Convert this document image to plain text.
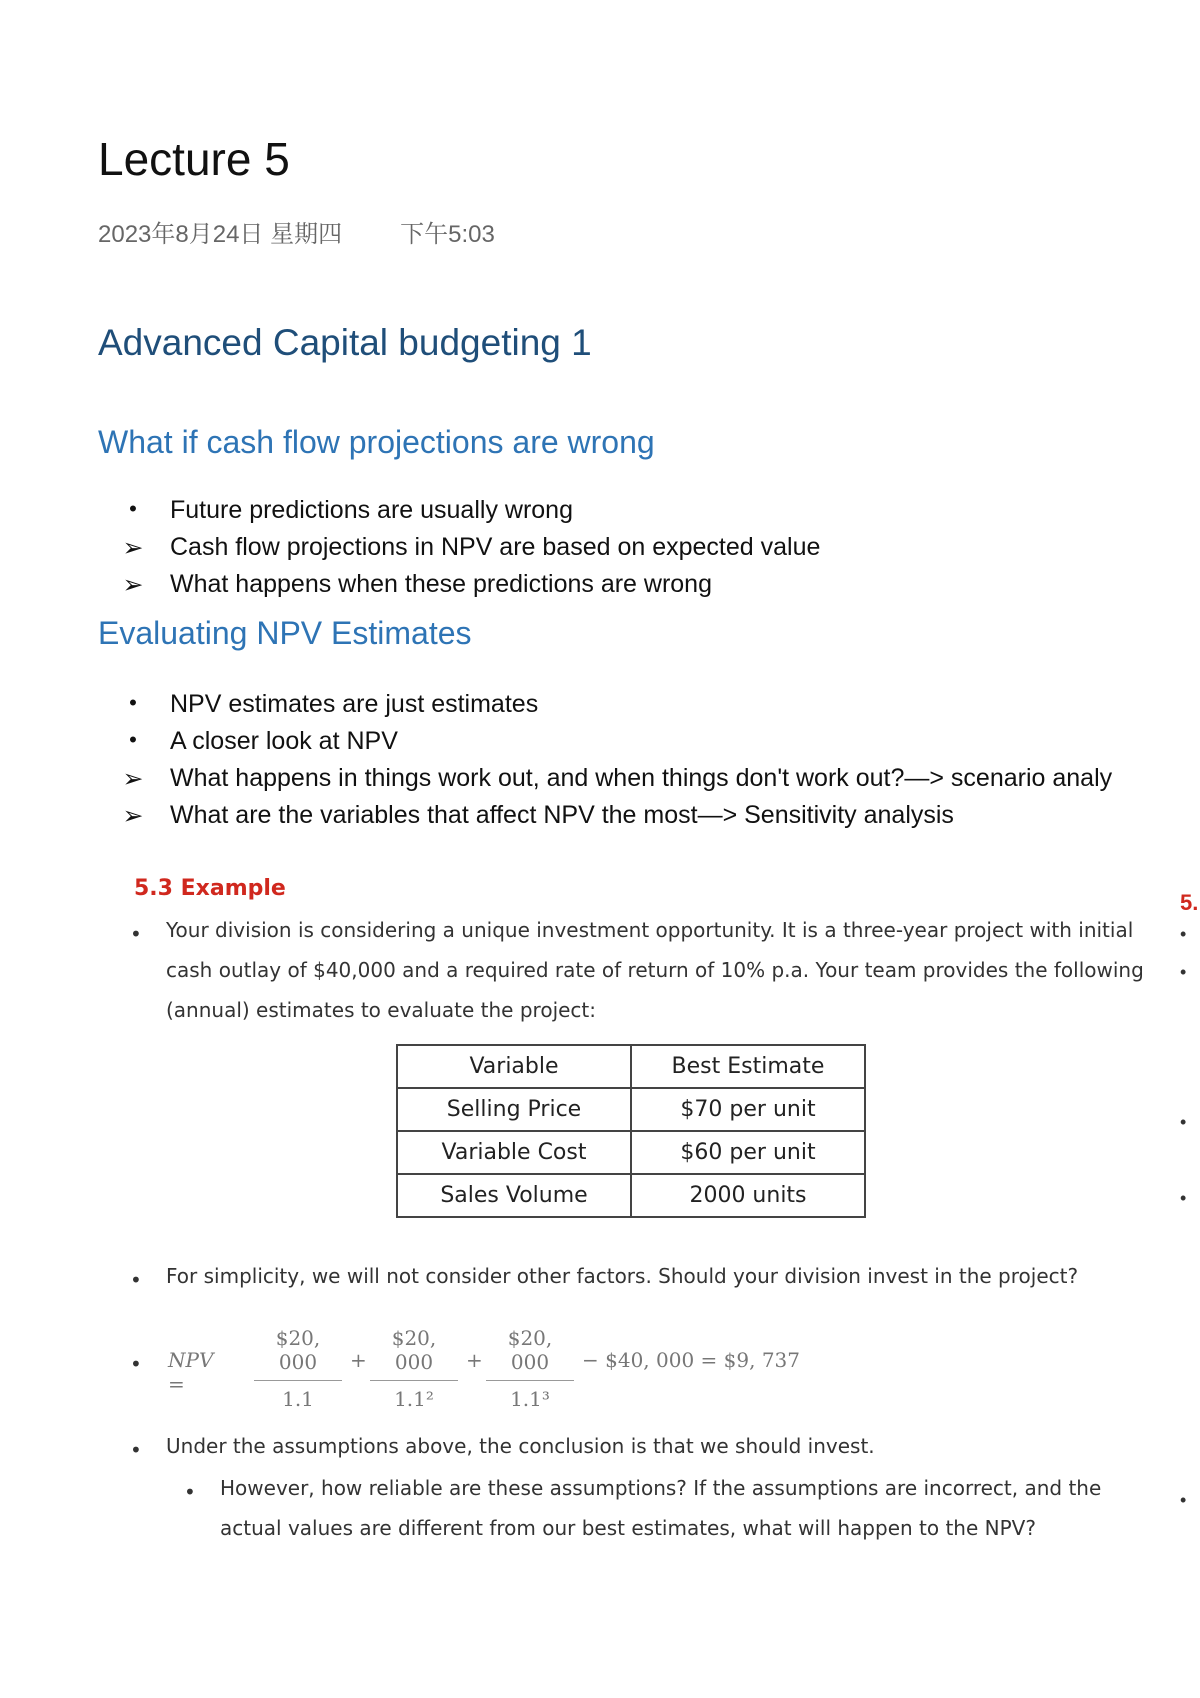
Lecture 5
2023年8月24日 星期四 下午5:03
Advanced Capital budgeting 1
What if cash flow projections are wrong
•	Future predictions are usually wrong
➢ Cash flow projections in NPV are based on expected value
➢ What happens when these predictions are wrong
Evaluating NPV Estimates
•	NPV estimates are just estimates
•	A closer look at NPV
➢ What happens in things work out, and when things don't work out?—> scenario analy
➢ What are the variables that affect NPV the most—> Sensitivity analysis
5.3 Example
• Your division is considering a unique investment opportunity. It is a three-year project with initial
cash outlay of $40,000 and a required rate of return of 10% p.a. Your team provides the following
(annual) estimates to evaluate the project:
Variable	Best Estimate
Selling Price	$70 per unit
Variable Cost	$60 per unit
Sales Volume	2000 units
• For simplicity, we will not consider other factors. Should your division invest in the project?
• NPV =	$\frac{\$20, 000}{1.1} + \frac{\$20, 000}{\text{1.1²}} + \frac{\$20, 000}{\text{1.1³}}$ − $40, 000 = $9, 737
• Under the assumptions above, the conclusion is that we should invest.
• However, how reliable are these assumptions? If the assumptions are incorrect, and the
actual values are different from our best estimates, what will happen to the NPV?
5.
•
•
•
•
•
